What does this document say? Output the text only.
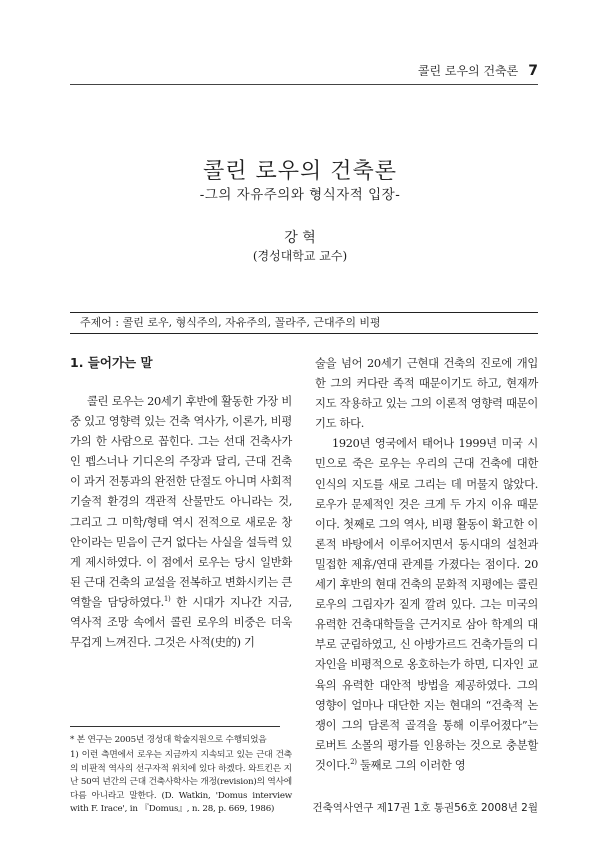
콜린 로우의 건축론 7
콜린 로우의 건축론
-그의 자유주의와 형식자적 입장-
강 혁
(경성대학교 교수)
주제어 : 콜린 로우, 형식주의, 자유주의, 꼴라주, 근대주의 비평
1. 들어가는 말

콜린 로우는 20세기 후반에 활동한 가장 비중 있고 영향력 있는 건축 역사가, 이론가, 비평가의 한 사람으로 꼽힌다. 그는 선대 건축사가인 펩스너나 기디온의 주장과 달리, 근대 건축이 과거 전통과의 완전한 단절도 아니며 사회적 기술적 환경의 객관적 산물만도 아니라는 것, 그리고 그 미학/형태 역시 전적으로 새로운 창안이라는 믿음이 근거 없다는 사실을 설득력 있게 제시하였다. 이 점에서 로우는 당시 일반화된 근대 건축의 교설을 전복하고 변화시키는 큰 역할을 담당하였다.$^{1)}$ 한 시대가 지나간 지금, 역사적 조망 속에서 콜린 로우의 비중은 더욱 무겁게 느껴진다. 그것은 사적(史的) 기

* 본 연구는 2005년 경성대 학술지원으로 수행되었음

1) 이런 측면에서 로우는 지금까지 지속되고 있는 근대 건축의 비판적 역사의 선구자적 위치에 있다 하겠다. 와트킨은 지난 50여 년간의 근대 건축사학사는 개정(revision)의 역사에 다름 아니라고 말한다. (D. Watkin, 'Domus interview with F. Irace', in 『Domus』, n. 28, p. 669, 1986)

술을 넘어 20세기 근현대 건축의 진로에 개입한 그의 커다란 족적 때문이기도 하고, 현재까지도 작용하고 있는 그의 이론적 영향력 때문이기도 하다.

1920년 영국에서 태어나 1999년 미국 시민으로 죽은 로우는 우리의 근대 건축에 대한 인식의 지도를 새로 그리는 데 머물지 않았다. 로우가 문제적인 것은 크게 두 가지 이유 때문이다. 첫째로 그의 역사, 비평 활동이 확고한 이론적 바탕에서 이루어지면서 동시대의 설천과 밀접한 제휴/연대 관계를 가졌다는 점이다. 20세기 후반의 현대 건축의 문화적 지평에는 콜린 로우의 그림자가 짙게 깔려 있다. 그는 미국의 유력한 건축대학들을 근거지로 삼아 학계의 대부로 군림하였고, 신 아방가르드 건축가들의 디자인을 비평적으로 옹호하는가 하면, 디자인 교육의 유력한 대안적 방법을 제공하였다. 그의 영향이 얼마나 대단한 지는 현대의 “건축적 논쟁이 그의 담론적 골격을 통해 이루어졌다”는 로버트 소몰의 평가를 인용하는 것으로 충분할 것이다.$^{2)}$ 둘째로 그의 이러한 영

건축역사연구 제17권 1호 통권56호 2008년 2월
